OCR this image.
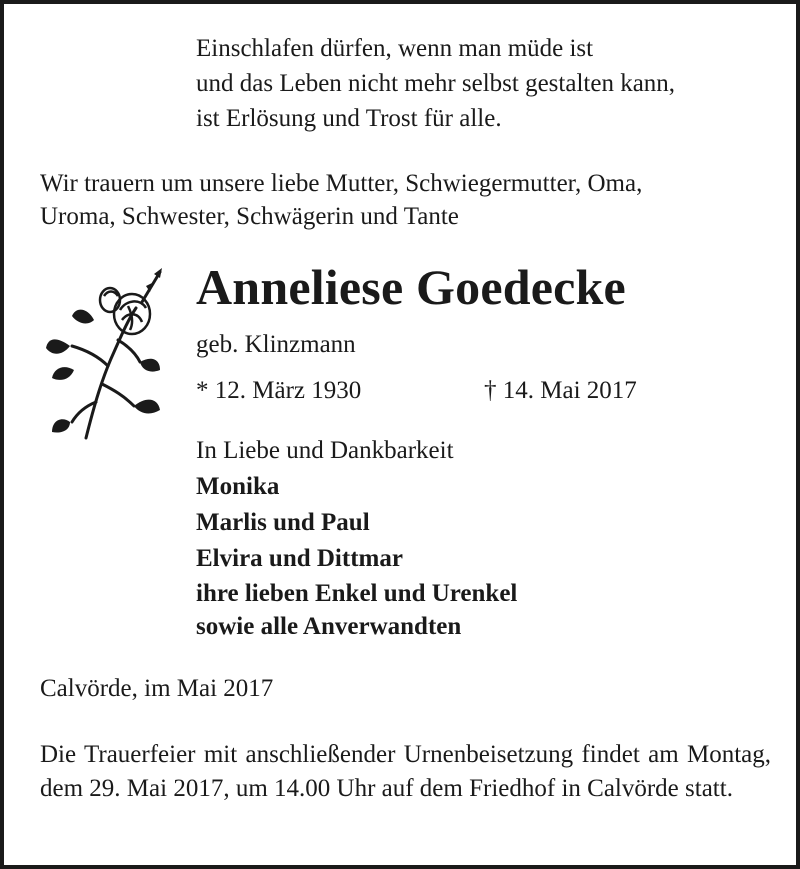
Einschlafen dürfen, wenn man müde ist
und das Leben nicht mehr selbst gestalten kann,
ist Erlösung und Trost für alle.
Wir trauern um unsere liebe Mutter, Schwiegermutter, Oma,
Uroma, Schwester, Schwägerin und Tante
Anneliese Goedecke
geb. Klinzmann
* 12. März 1930	† 14. Mai 2017
In Liebe und Dankbarkeit
Monika
Marlis und Paul
Elvira und Dittmar
ihre lieben Enkel und Urenkel
sowie alle Anverwandten
Calvörde, im Mai 2017
Die Trauerfeier mit anschließender Urnenbeisetzung findet am Montag, dem 29. Mai 2017, um 14.00 Uhr auf dem Friedhof in Calvörde statt.
